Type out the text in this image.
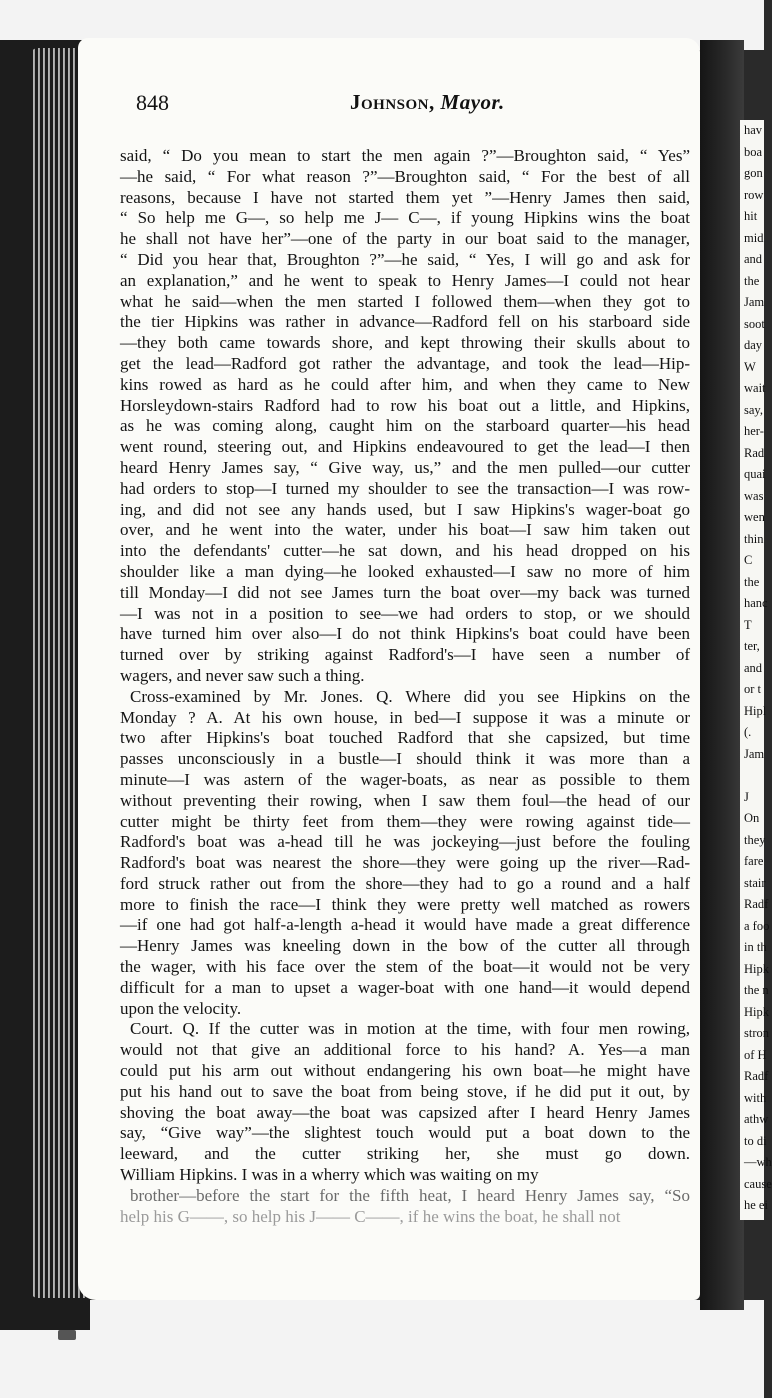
hav
boa
gon
row
hit
mid
and
the
Jam
soot
day
W
wait
say,
her-
Rad
quai
was
wen
thin
C
the
hanc
T
ter,
and
or t
Hipl
(.
Jam

J
On
they
fare
stair
Radf
a foo
in th
Hipk
the n
Hipk
stron
of H
Radf
with
athw
to di
—wh
cause
he ei
848	Johnson, Mayor.
said, “ Do you mean to start the men again ?”—Broughton said, “ Yes”
—he said, “ For what reason ?”—Broughton said, “ For the best of all
reasons, because I have not started them yet ”—Henry James then said,
“ So help me G—, so help me J— C—, if young Hipkins wins the boat
he shall not have her”—one of the party in our boat said to the manager,
“ Did you hear that, Broughton ?”—he said, “ Yes, I will go and ask for
an explanation,” and he went to speak to Henry James—I could not hear
what he said—when the men started I followed them—when they got to
the tier Hipkins was rather in advance—Radford fell on his starboard side
—they both came towards shore, and kept throwing their skulls about to
get the lead—Radford got rather the advantage, and took the lead—Hip-
kins rowed as hard as he could after him, and when they came to New
Horsleydown-stairs Radford had to row his boat out a little, and Hipkins,
as he was coming along, caught him on the starboard quarter—his head
went round, steering out, and Hipkins endeavoured to get the lead—I then
heard Henry James say, “ Give way, us,” and the men pulled—our cutter
had orders to stop—I turned my shoulder to see the transaction—I was row-
ing, and did not see any hands used, but I saw Hipkins's wager-boat go
over, and he went into the water, under his boat—I saw him taken out
into the defendants' cutter—he sat down, and his head dropped on his
shoulder like a man dying—he looked exhausted—I saw no more of him
till Monday—I did not see James turn the boat over—my back was turned
—I was not in a position to see—we had orders to stop, or we should
have turned him over also—I do not think Hipkins's boat could have been
turned over by striking against Radford's—I have seen a number of
wagers, and never saw such a thing.
Cross-examined by Mr. Jones. Q. Where did you see Hipkins on the
Monday ? A. At his own house, in bed—I suppose it was a minute or
two after Hipkins's boat touched Radford that she capsized, but time
passes unconsciously in a bustle—I should think it was more than a
minute—I was astern of the wager-boats, as near as possible to them
without preventing their rowing, when I saw them foul—the head of our
cutter might be thirty feet from them—they were rowing against tide—
Radford's boat was a-head till he was jockeying—just before the fouling
Radford's boat was nearest the shore—they were going up the river—Rad-
ford struck rather out from the shore—they had to go a round and a half
more to finish the race—I think they were pretty well matched as rowers
—if one had got half-a-length a-head it would have made a great difference
—Henry James was kneeling down in the bow of the cutter all through
the wager, with his face over the stem of the boat—it would not be very
difficult for a man to upset a wager-boat with one hand—it would depend
upon the velocity.
Court. Q. If the cutter was in motion at the time, with four men rowing,
would not that give an additional force to his hand? A. Yes—a man
could put his arm out without endangering his own boat—he might have
put his hand out to save the boat from being stove, if he did put it out, by
shoving the boat away—the boat was capsized after I heard Henry James
say, “Give way”—the slightest touch would put a boat down to the
leeward, and the cutter striking her, she must go down.
William Hipkins. I was in a wherry which was waiting on my
brother—before the start for the fifth heat, I heard Henry James say, “So
help his G——, so help his J—— C——, if he wins the boat, he shall not
